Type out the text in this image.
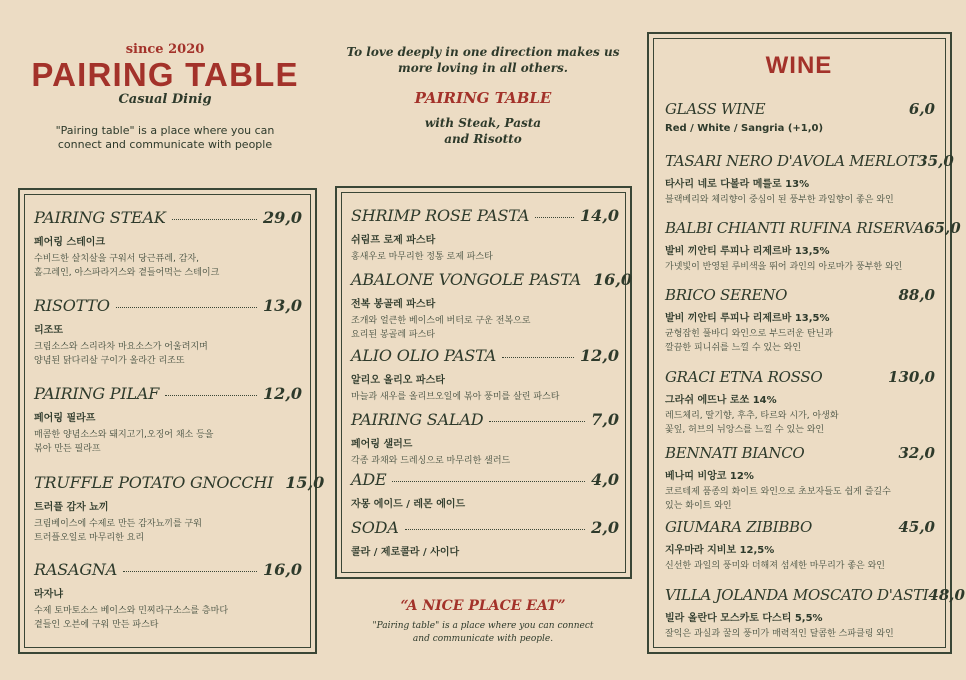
since 2020
PAIRING TABLE
Casual Dinig
"Pairing table" is a place where you can
connect and communicate with people
To love deeply in one direction makes us
more loving in all others.
PAIRING TABLE
with Steak, Pasta
and Risotto
PAIRING STEAK	29,0
페어링 스테이크
수비드한 살치살을 구워서 당근퓨레, 감자,
홀그레인, 아스파라거스와 곁들어먹는 스테이크
RISOTTO	13,0
리조또
크림소스와 스리라차 마요소스가 어울려지며
양념된 닭다리살 구이가 올라간 리조또
PAIRING PILAF	12,0
페어링 필라프
매콤한 양념소스와 돼지고기,오징어 채소 등을
볶아 만든 필라프
TRUFFLE POTATO GNOCCHI 15,0
트러플 감자 뇨끼
크림베이스에 수제로 만든 감자뇨끼를 구워
트러플오일로 마무리한 요리
RASAGNA	16,0
라자냐
수제 토마토소스 베이스와 민찌라구소스를 층마다
곁들인 오븐에 구워 만든 파스타
SHRIMP ROSE PASTA	14,0
쉬림프 로제 파스타
홍새우로 마무리한 정통 로제 파스타
ABALONE VONGOLE PASTA 16,0
전복 봉골레 파스타
조개와 얼큰한 베이스에 버터로 구운 전복으로
요리된 봉골레 파스타
ALIO OLIO PASTA	12,0
알리오 올리오 파스타
마늘과 새우를 올리브오일에 볶아 풍미를 살린 파스타
PAIRING SALAD	7,0
페어링 샐러드
각종 과채와 드레싱으로 마무리한 샐러드
ADE	4,0
자몽 에이드 / 레몬 에이드
SODA	2,0
콜라 / 제로콜라 / 사이다
GLASS WINE	6,0
Red / White / Sangria (+1,0)
TASARI NERO D'AVOLA MERLOT 35,0
타사리 네로 다볼라 메를로 13%
블랙베리와 체리향이 중심이 된 풍부한 과일향이 좋은 와인
BALBI CHIANTI RUFINA RISERVA 65,0
발비 끼안티 루피나 리제르바 13,5%
가넷빛이 반영된 루비색을 뛰어 과인의 아로마가 풍부한 와인
BRICO SERENO	88,0
발비 끼안티 루피나 리제르바 13,5%
균형잡힌 풀바디 와인으로 부드러운 탄닌과
깔끔한 피니쉬를 느낄 수 있는 와인
GRACI ETNA ROSSO	130,0
그라쉬 에뜨나 로쏘 14%
레드체리, 딸기향, 후추, 타르와 시가, 아생화
꽃잎, 허브의 뉘앙스를 느낄 수 있는 와인
BENNATI BIANCO	32,0
베나띠 비앙코 12%
코르테제 품종의 화이트 와인으로 초보자들도 쉽게 즐길수
있는 화이트 와인
GIUMARA ZIBIBBO	45,0
지우마라 지비보 12,5%
신선한 과일의 풍미와 더해져 섬세한 마무리가 좋은 와인
VILLA JOLANDA MOSCATO D'ASTI 48,0
빌라 올란다 모스카토 다스티 5,5%
잘익은 과실과 꿀의 풍미가 매력적인 달콤한 스파클링 와인
WINE
“A NICE PLACE EAT”
"Pairing table" is a place where you can connect
and communicate with people.
